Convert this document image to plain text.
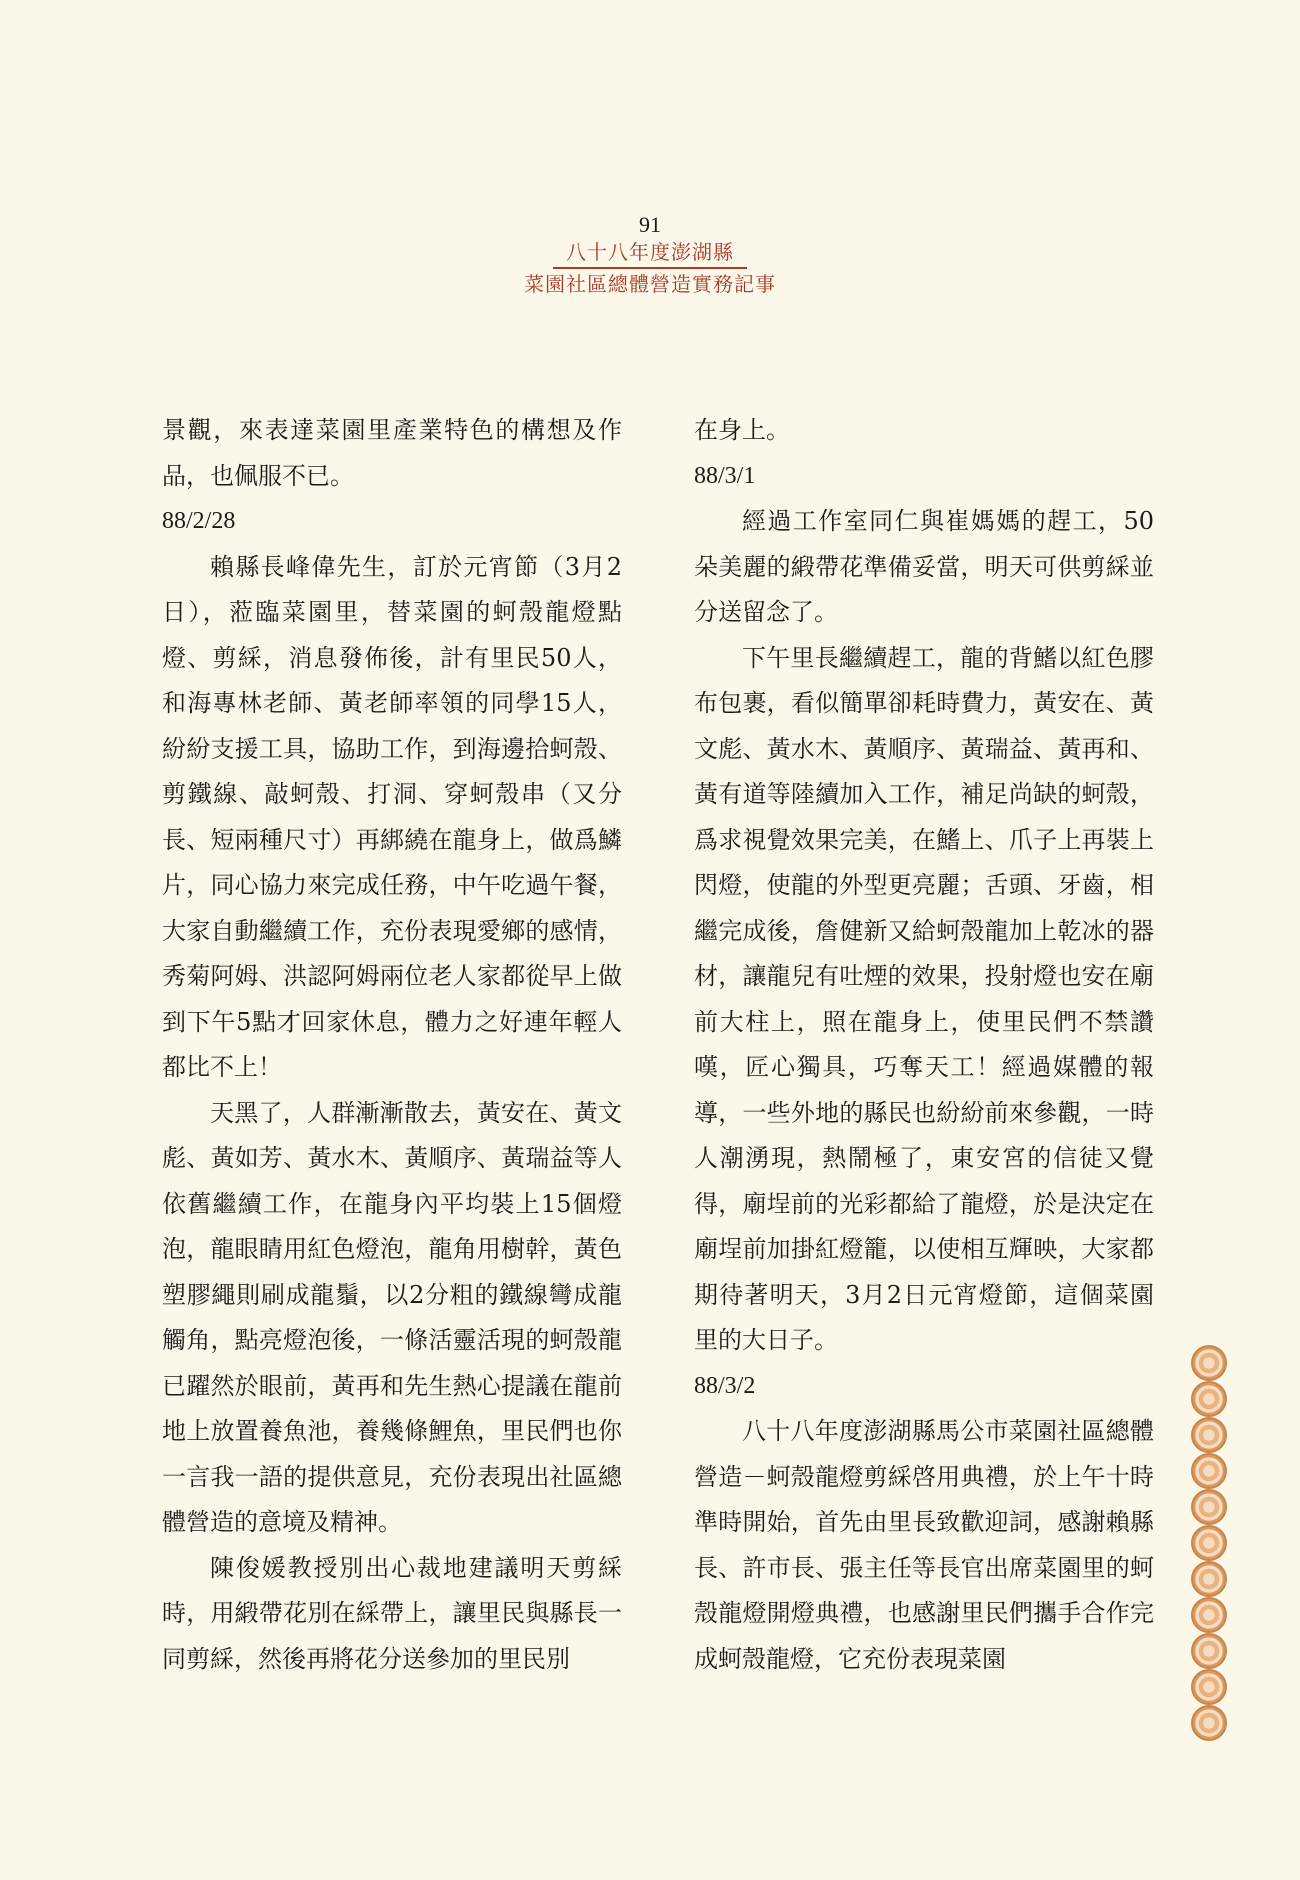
91
八十八年度澎湖縣
菜園社區總體營造實務記事

景觀，來表達菜園里產業特色的構想及作品，也佩服不已。

88/2/28

賴縣長峰偉先生，訂於元宵節（3月2日），蒞臨菜園里，替菜園的蚵殼龍燈點燈、剪綵，消息發佈後，計有里民50人，和海專林老師、黃老師率領的同學15人，紛紛支援工具，協助工作，到海邊拾蚵殼、剪鐵線、敲蚵殼、打洞、穿蚵殼串（又分長、短兩種尺寸）再綁繞在龍身上，做爲鱗片，同心協力來完成任務，中午吃過午餐，大家自動繼續工作，充份表現愛鄉的感情，秀菊阿姆、洪認阿姆兩位老人家都從早上做到下午5點才回家休息，體力之好連年輕人都比不上！

天黑了，人群漸漸散去，黃安在、黃文彪、黃如芳、黃水木、黃順序、黃瑞益等人依舊繼續工作，在龍身內平均裝上15個燈泡，龍眼睛用紅色燈泡，龍角用樹幹，黃色塑膠繩則刷成龍鬚，以2分粗的鐵線彎成龍觸角，點亮燈泡後，一條活靈活現的蚵殼龍已躍然於眼前，黃再和先生熱心提議在龍前地上放置養魚池，養幾條鯉魚，里民們也你一言我一語的提供意見，充份表現出社區總體營造的意境及精神。

陳俊媛教授別出心裁地建議明天剪綵時，用緞帶花別在綵帶上，讓里民與縣長一同剪綵，然後再將花分送參加的里民別

在身上。

88/3/1

經過工作室同仁與崔媽媽的趕工，50朵美麗的緞帶花準備妥當，明天可供剪綵並分送留念了。

下午里長繼續趕工，龍的背鰭以紅色膠布包裹，看似簡單卻耗時費力，黃安在、黃文彪、黃水木、黃順序、黃瑞益、黃再和、黃有道等陸續加入工作，補足尚缺的蚵殼，爲求視覺效果完美，在鰭上、爪子上再裝上閃燈，使龍的外型更亮麗；舌頭、牙齒，相繼完成後，詹健新又給蚵殼龍加上乾冰的器材，讓龍兒有吐煙的效果，投射燈也安在廟前大柱上，照在龍身上，使里民們不禁讚嘆，匠心獨具，巧奪天工！經過媒體的報導，一些外地的縣民也紛紛前來參觀，一時人潮湧現，熱鬧極了，東安宮的信徒又覺得，廟埕前的光彩都給了龍燈，於是決定在廟埕前加掛紅燈籠，以使相互輝映，大家都期待著明天，3月2日元宵燈節，這個菜園里的大日子。

88/3/2

八十八年度澎湖縣馬公市菜園社區總體營造－蚵殼龍燈剪綵啓用典禮，於上午十時準時開始，首先由里長致歡迎詞，感謝賴縣長、許市長、張主任等長官出席菜園里的蚵殼龍燈開燈典禮，也感謝里民們攜手合作完成蚵殼龍燈，它充份表現菜園
